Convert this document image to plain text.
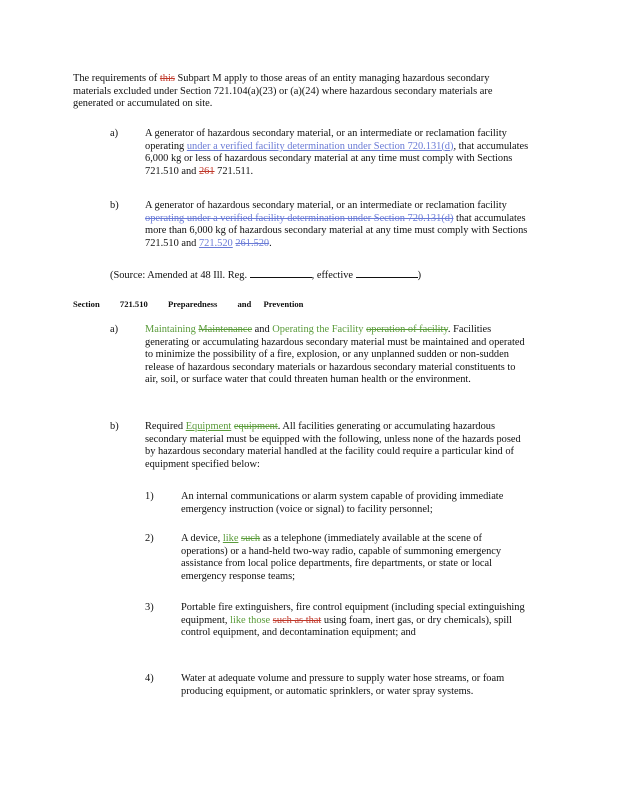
The requirements of this Subpart M apply to those areas of an entity managing hazardous secondary materials excluded under Section 721.104(a)(23) or (a)(24) where hazardous secondary materials are generated or accumulated on site.

a)	A generator of hazardous secondary material, or an intermediate or reclamation facility operating under a verified facility determination under Section 720.131(d), that accumulates 6,000 kg or less of hazardous secondary material at any time must comply with Sections 721.510 and 261 721.511.

b)	A generator of hazardous secondary material, or an intermediate or reclamation facility operating under a verified facility determination under Section 720.131(d) that accumulates more than 6,000 kg of hazardous secondary material at any time must comply with Sections 721.510 and 721.520 261.520.

(Source: Amended at 48 Ill. Reg.	, effective	)

Section 721.510 Preparedness and Prevention
a)	Maintaining Maintenance and Operating the Facility operation of facility. Facilities generating or accumulating hazardous secondary material must be maintained and operated to minimize the possibility of a fire, explosion, or any unplanned sudden or non-sudden release of hazardous secondary materials or hazardous secondary material constituents to air, soil, or surface water that could threaten human health or the environment.

b)	Required Equipment equipment. All facilities generating or accumulating hazardous secondary material must be equipped with the following, unless none of the hazards posed by hazardous secondary material handled at the facility could require a particular kind of equipment specified below:

1)	An internal communications or alarm system capable of providing immediate emergency instruction (voice or signal) to facility personnel;

2)	A device, like such as a telephone (immediately available at the scene of operations) or a hand-held two-way radio, capable of summoning emergency assistance from local police departments, fire departments, or state or local emergency response teams;

3)	Portable fire extinguishers, fire control equipment (including special extinguishing equipment, like those such as that using foam, inert gas, or dry chemicals), spill control equipment, and decontamination equipment; and

4)	Water at adequate volume and pressure to supply water hose streams, or foam producing equipment, or automatic sprinklers, or water spray systems.
